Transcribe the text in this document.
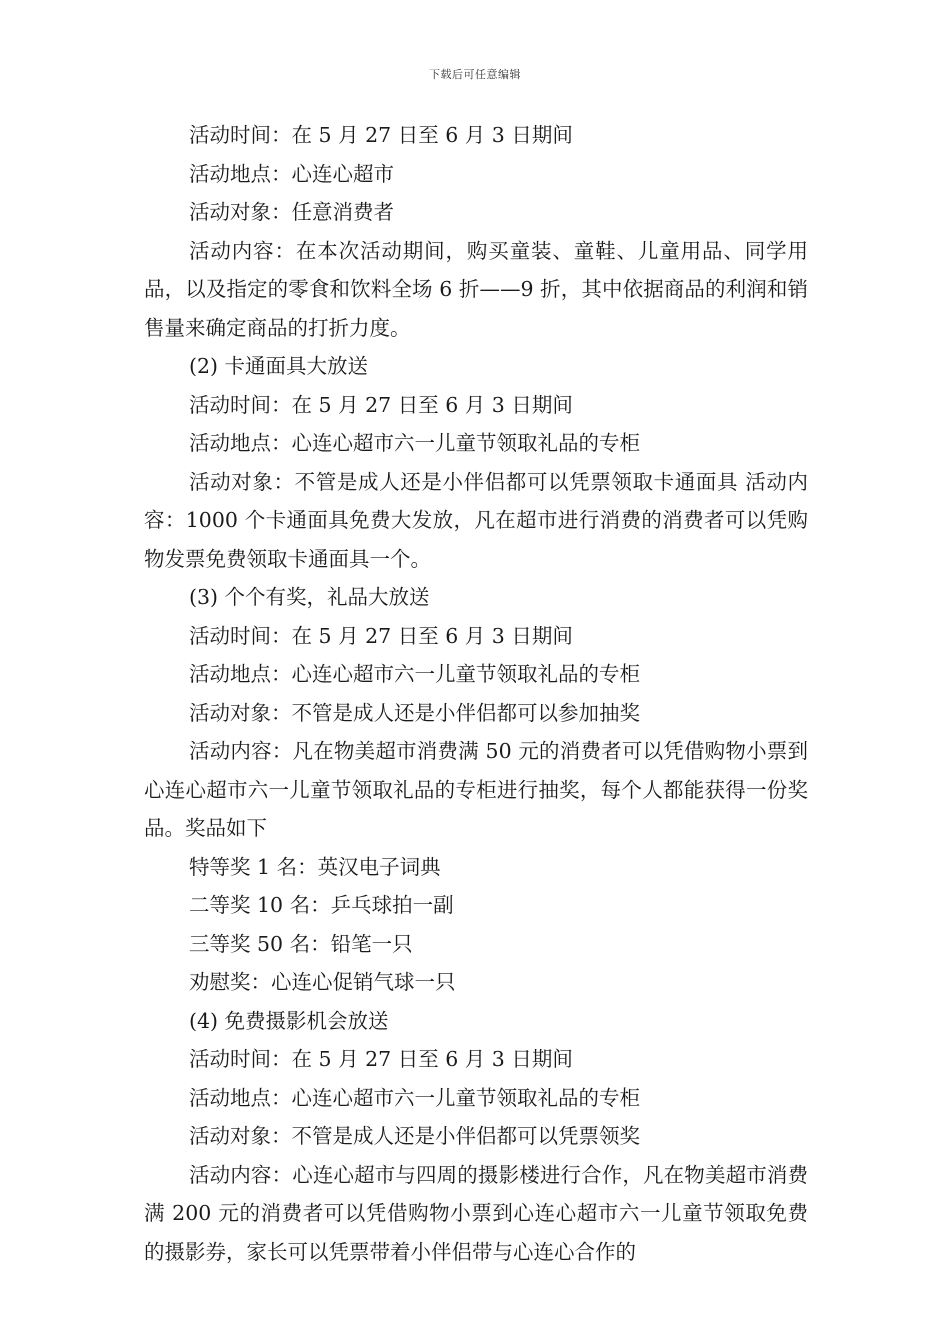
下载后可任意编辑

活动时间：在 5 月 27 日至 6 月 3 日期间

活动地点：心连心超市

活动对象：任意消费者

活动内容：在本次活动期间，购买童装、童鞋、儿童用品、同学用品，以及指定的零食和饮料全场 6 折——9 折，其中依据商品的利润和销售量来确定商品的打折力度。

(2) 卡通面具大放送

活动时间：在 5 月 27 日至 6 月 3 日期间

活动地点：心连心超市六一儿童节领取礼品的专柜

活动对象：不管是成人还是小伴侣都可以凭票领取卡通面具 活动内容：1000 个卡通面具免费大发放，凡在超市进行消费的消费者可以凭购物发票免费领取卡通面具一个。

(3) 个个有奖，礼品大放送

活动时间：在 5 月 27 日至 6 月 3 日期间

活动地点：心连心超市六一儿童节领取礼品的专柜

活动对象：不管是成人还是小伴侣都可以参加抽奖

活动内容：凡在物美超市消费满 50 元的消费者可以凭借购物小票到心连心超市六一儿童节领取礼品的专柜进行抽奖，每个人都能获得一份奖品。奖品如下

特等奖 1 名：英汉电子词典

二等奖 10 名：乒乓球拍一副

三等奖 50 名：铅笔一只

劝慰奖：心连心促销气球一只

(4) 免费摄影机会放送

活动时间：在 5 月 27 日至 6 月 3 日期间

活动地点：心连心超市六一儿童节领取礼品的专柜

活动对象：不管是成人还是小伴侣都可以凭票领奖

活动内容：心连心超市与四周的摄影楼进行合作，凡在物美超市消费满 200 元的消费者可以凭借购物小票到心连心超市六一儿童节领取免费的摄影券，家长可以凭票带着小伴侣带与心连心合作的
